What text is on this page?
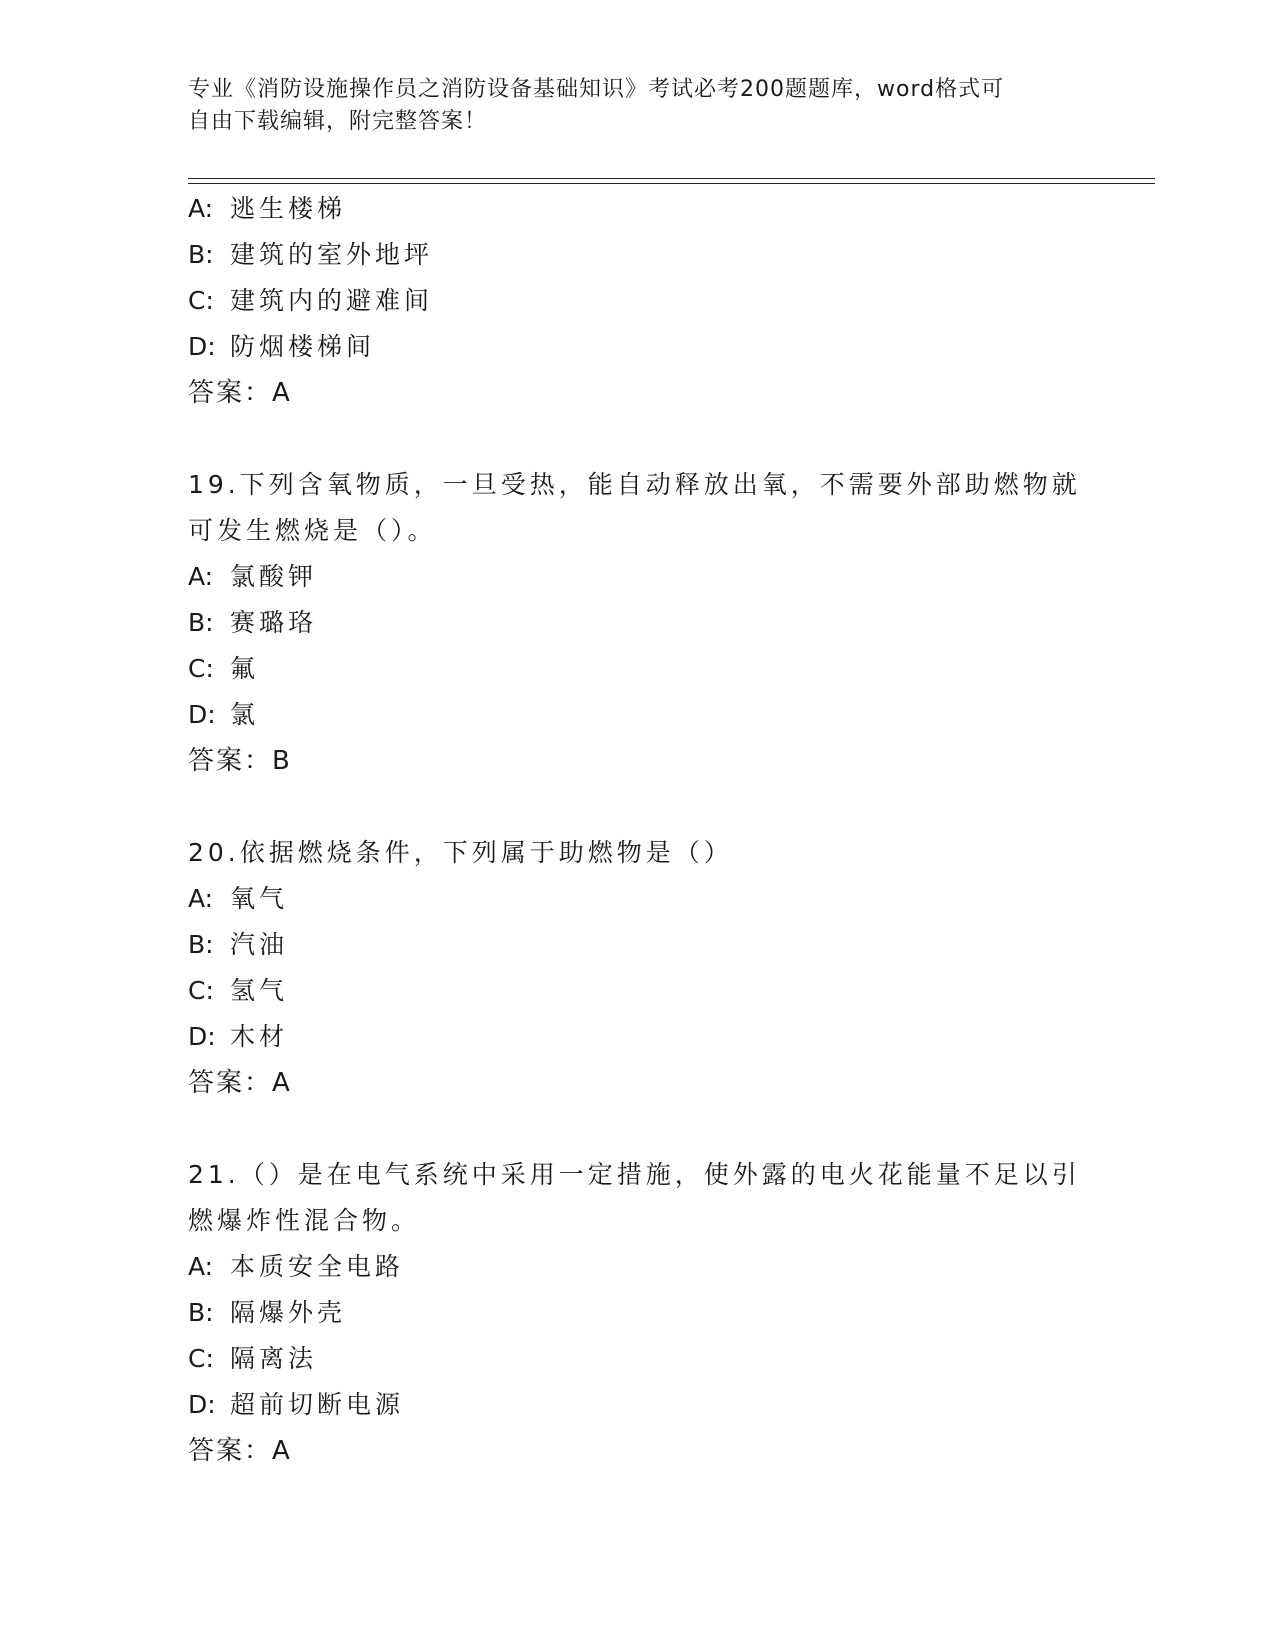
专业《消防设施操作员之消防设备基础知识》考试必考200题题库，word格式可
自由下载编辑，附完整答案！
A: 逃生楼梯
B: 建筑的室外地坪
C: 建筑内的避难间
D: 防烟楼梯间
答案：A
19.下列含氧物质，一旦受热，能自动释放出氧，不需要外部助燃物就
可发生燃烧是（）。
A: 氯酸钾
B: 赛璐珞
C: 氟
D: 氯
答案：B
20.依据燃烧条件，下列属于助燃物是（）
A: 氧气
B: 汽油
C: 氢气
D: 木材
答案：A
21.（）是在电气系统中采用一定措施，使外露的电火花能量不足以引
燃爆炸性混合物。
A: 本质安全电路
B: 隔爆外壳
C: 隔离法
D: 超前切断电源
答案：A
